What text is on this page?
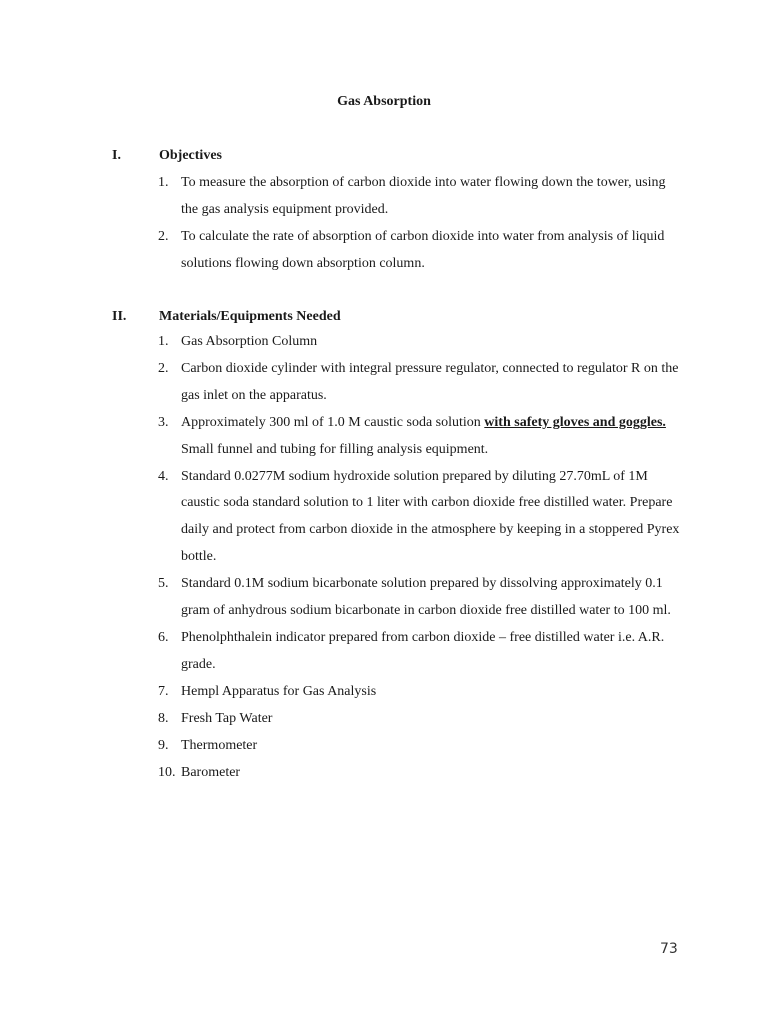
Gas Absorption
I.	Objectives
1. To measure the absorption of carbon dioxide into water flowing down the tower, using the gas analysis equipment provided.
2. To calculate the rate of absorption of carbon dioxide into water from analysis of liquid solutions flowing down absorption column.
II. Materials/Equipments Needed
1. Gas Absorption Column
2. Carbon dioxide cylinder with integral pressure regulator, connected to regulator R on the gas inlet on the apparatus.
3. Approximately 300 ml of 1.0 M caustic soda solution with safety gloves and goggles. Small funnel and tubing for filling analysis equipment.
4. Standard 0.0277M sodium hydroxide solution prepared by diluting 27.70mL of 1M caustic soda standard solution to 1 liter with carbon dioxide free distilled water. Prepare daily and protect from carbon dioxide in the atmosphere by keeping in a stoppered Pyrex bottle.
5. Standard 0.1M sodium bicarbonate solution prepared by dissolving approximately 0.1 gram of anhydrous sodium bicarbonate in carbon dioxide free distilled water to 100 ml.
6. Phenolphthalein indicator prepared from carbon dioxide – free distilled water i.e. A.R. grade.
7. Hempl Apparatus for Gas Analysis
8. Fresh Tap Water
9. Thermometer
10. Barometer
73
